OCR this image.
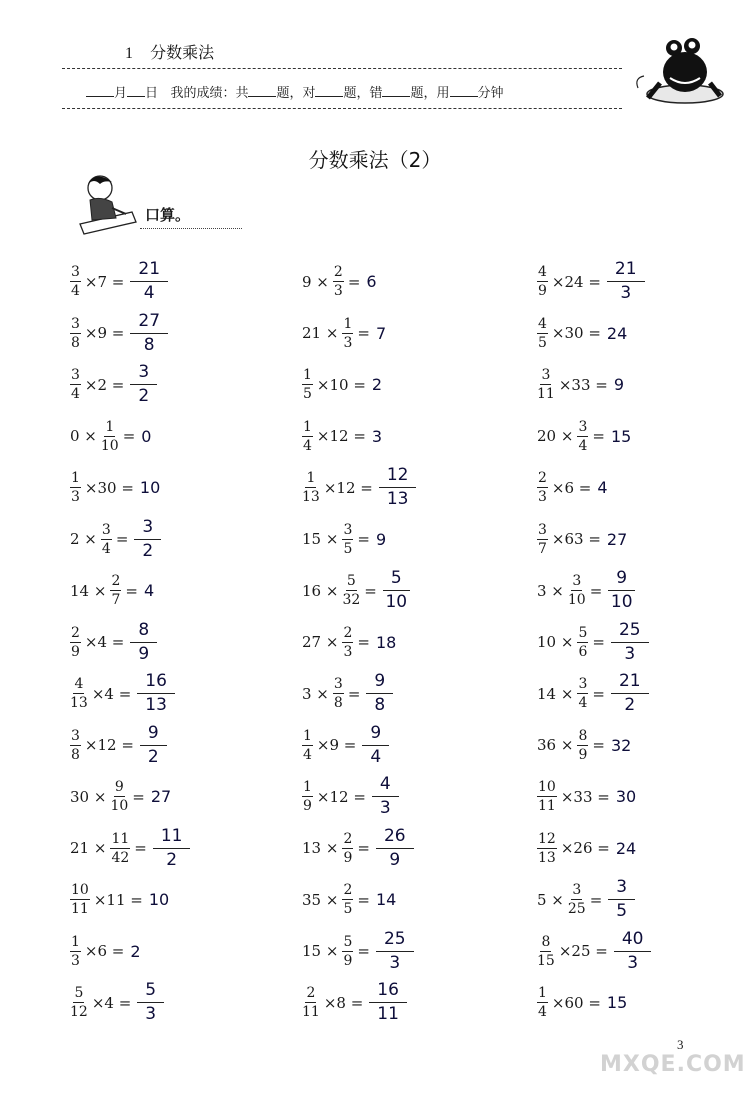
1 分数乘法
月 日 我的成绩：共 题，对 题，错 题，用 分钟
分数乘法（2）
口算。
$\frac{3}{4} \times 7 = \frac{21}{4}$
$\frac{3}{8} \times 9 = \frac{27}{8}$
$\frac{3}{4} \times 2 = \frac{3}{2}$
$0 \times \frac{1}{10} = 0$
$\frac{1}{3} \times 30 = 10$
$2 \times \frac{3}{4} = \frac{3}{2}$
$14 \times \frac{2}{7} = 4$
$\frac{2}{9} \times 4 = \frac{8}{9}$
$\frac{4}{13} \times 4 = \frac{16}{13}$
$\frac{3}{8} \times 12 = \frac{9}{2}$
$30 \times \frac{9}{10} = 27$
$21 \times \frac{11}{42} = \frac{11}{2}$
$\frac{10}{11} \times 11 = 10$
$\frac{1}{3} \times 6 = 2$
$\frac{5}{12} \times 4 = \frac{5}{3}$
$9 \times \frac{2}{3} = 6$
$21 \times \frac{1}{3} = 7$
$\frac{1}{5} \times 10 = 2$
$\frac{1}{4} \times 12 = 3$
$\frac{1}{13} \times 12 = \frac{12}{13}$
$15 \times \frac{3}{5} = 9$
$16 \times \frac{5}{32} = \frac{5}{10}$
$27 \times \frac{2}{3} = 18$
$3 \times \frac{3}{8} = \frac{9}{8}$
$\frac{1}{4} \times 9 = \frac{9}{4}$
$\frac{1}{9} \times 12 = \frac{4}{3}$
$13 \times \frac{2}{9} = \frac{26}{9}$
$35 \times \frac{2}{5} = 14$
$15 \times \frac{5}{9} = \frac{25}{3}$
$\frac{2}{11} \times 8 = \frac{16}{11}$
$\frac{4}{9} \times 24 = \frac{21}{3}$
$\frac{4}{5} \times 30 = 24$
$\frac{3}{11} \times 33 = 9$
$20 \times \frac{3}{4} = 15$
$\frac{2}{3} \times 6 = 4$
$\frac{3}{7} \times 63 = 27$
$3 \times \frac{3}{10} = \frac{9}{10}$
$10 \times \frac{5}{6} = \frac{25}{3}$
$14 \times \frac{3}{4} = \frac{21}{2}$
$36 \times \frac{8}{9} = 32$
$\frac{10}{11} \times 33 = 30$
$\frac{12}{13} \times 26 = 24$
$5 \times \frac{3}{25} = \frac{3}{5}$
$\frac{8}{15} \times 25 = \frac{40}{3}$
$\frac{1}{4} \times 60 = 15$
3
MXQE.COM
